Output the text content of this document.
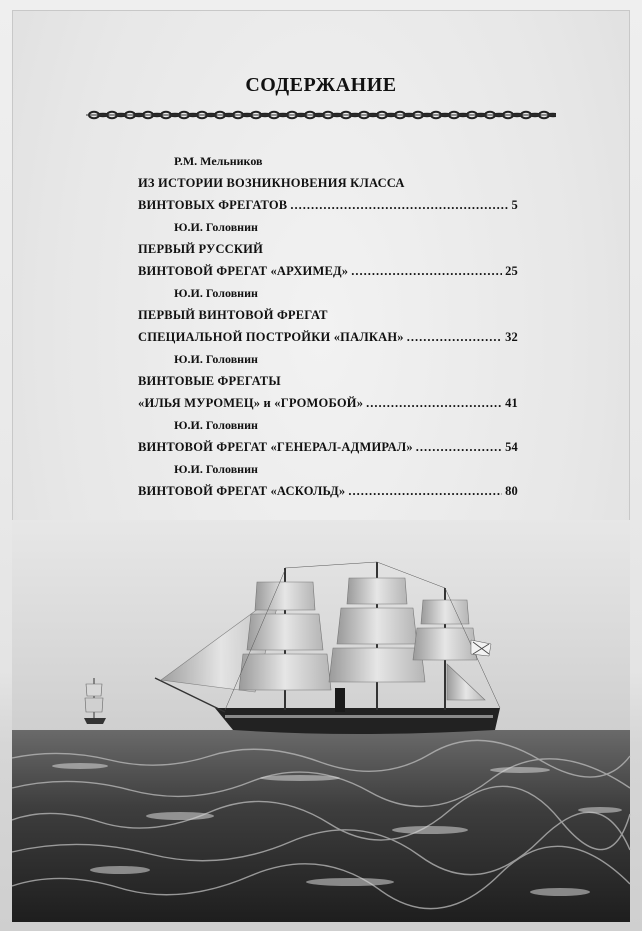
СОДЕРЖАНИЕ
Р.М. Мельников
ИЗ ИСТОРИИ ВОЗНИКНОВЕНИЯ КЛАССА
ВИНТОВЫХ ФРЕГАТОВ .....	5
Ю.И. Головнин
ПЕРВЫЙ РУССКИЙ
ВИНТОВОЙ ФРЕГАТ «АРХИМЕД» .....	25
Ю.И. Головнин
ПЕРВЫЙ ВИНТОВОЙ ФРЕГАТ
СПЕЦИАЛЬНОЙ ПОСТРОЙКИ «ПАЛКАН» .....	32
Ю.И. Головнин
ВИНТОВЫЕ ФРЕГАТЫ
«ИЛЬЯ МУРОМЕЦ» и «ГРОМОБОЙ» .....	41
Ю.И. Головнин
ВИНТОВОЙ ФРЕГАТ «ГЕНЕРАЛ-АДМИРАЛ» .....	54
Ю.И. Головнин
ВИНТОВОЙ ФРЕГАТ «АСКОЛЬД» .....	80
